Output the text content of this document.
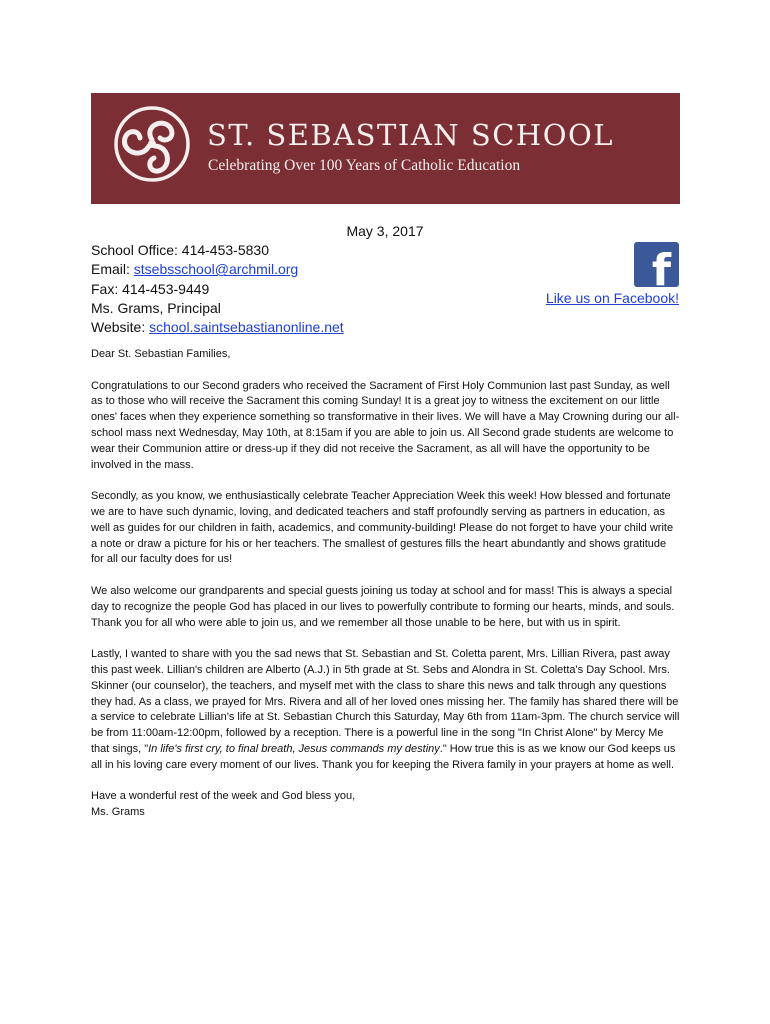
ST. SEBASTIAN SCHOOL
Celebrating Over 100 Years of Catholic Education
May 3, 2017
School Office: 414-453-5830
Email: stsebsschool@archmil.org
Fax: 414-453-9449
Ms. Grams, Principal
Website: school.saintsebastianonline.net
f
Like us on Facebook!

Dear St. Sebastian Families,

Congratulations to our Second graders who received the Sacrament of First Holy Communion last past Sunday, as well as to those who will receive the Sacrament this coming Sunday! It is a great joy to witness the excitement on our little ones' faces when they experience something so transformative in their lives. We will have a May Crowning during our all-school mass next Wednesday, May 10th, at 8:15am if you are able to join us. All Second grade students are welcome to wear their Communion attire or dress-up if they did not receive the Sacrament, as all will have the opportunity to be involved in the mass.

Secondly, as you know, we enthusiastically celebrate Teacher Appreciation Week this week! How blessed and fortunate we are to have such dynamic, loving, and dedicated teachers and staff profoundly serving as partners in education, as well as guides for our children in faith, academics, and community-building! Please do not forget to have your child write a note or draw a picture for his or her teachers. The smallest of gestures fills the heart abundantly and shows gratitude for all our faculty does for us!

We also welcome our grandparents and special guests joining us today at school and for mass! This is always a special day to recognize the people God has placed in our lives to powerfully contribute to forming our hearts, minds, and souls. Thank you for all who were able to join us, and we remember all those unable to be here, but with us in spirit.

Lastly, I wanted to share with you the sad news that St. Sebastian and St. Coletta parent, Mrs. Lillian Rivera, past away this past week. Lillian's children are Alberto (A.J.) in 5th grade at St. Sebs and Alondra in St. Coletta's Day School. Mrs. Skinner (our counselor), the teachers, and myself met with the class to share this news and talk through any questions they had. As a class, we prayed for Mrs. Rivera and all of her loved ones missing her. The family has shared there will be a service to celebrate Lillian's life at St. Sebastian Church this Saturday, May 6th from 11am-3pm. The church service will be from 11:00am-12:00pm, followed by a reception. There is a powerful line in the song "In Christ Alone" by Mercy Me that sings, "In life's first cry, to final breath, Jesus commands my destiny." How true this is as we know our God keeps us all in his loving care every moment of our lives. Thank you for keeping the Rivera family in your prayers at home as well.

Have a wonderful rest of the week and God bless you,

Ms. Grams
